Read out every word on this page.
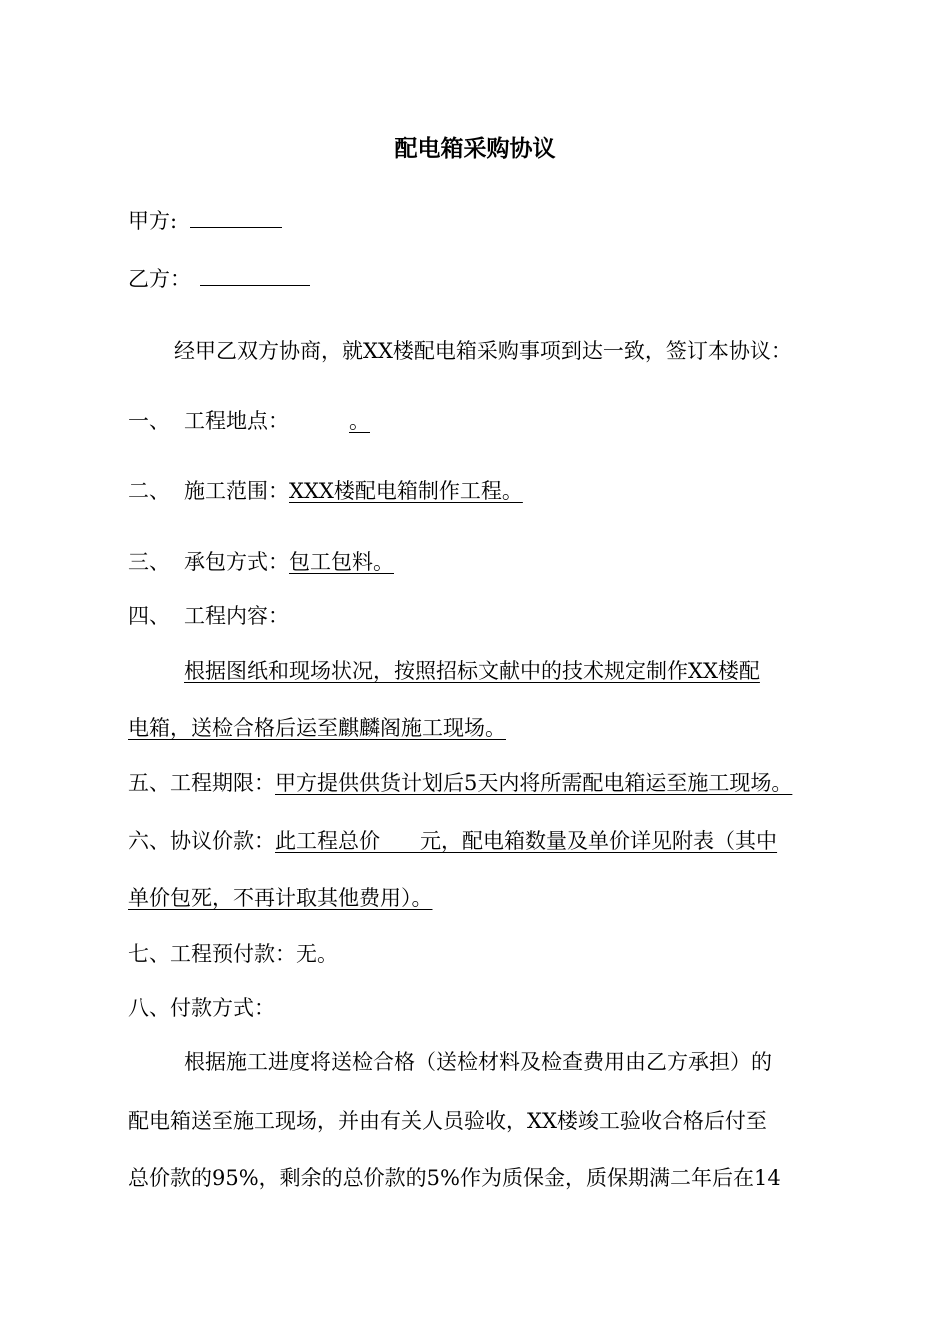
配电箱采购协议
甲方:
乙方：
经甲乙双方协商，就XX楼配电箱采购事项到达一致，签订本协议：
一、 工程地点：	。
二、 施工范围：XXX楼配电箱制作工程。
三、 承包方式：包工包料。
四、 工程内容：
根据图纸和现场状况，按照招标文献中的技术规定制作XX楼配
电箱，送检合格后运至麒麟阁施工现场。
五、工程期限：甲方提供供货计划后5天内将所需配电箱运至施工现场。
六、协议价款：此工程总价      元，配电箱数量及单价详见附表（其中
单价包死，不再计取其他费用）。
七、工程预付款：无。
八、付款方式：
根据施工进度将送检合格（送检材料及检查费用由乙方承担）的
配电箱送至施工现场，并由有关人员验收，XX楼竣工验收合格后付至
总价款的95%，剩余的总价款的5%作为质保金，质保期满二年后在14
